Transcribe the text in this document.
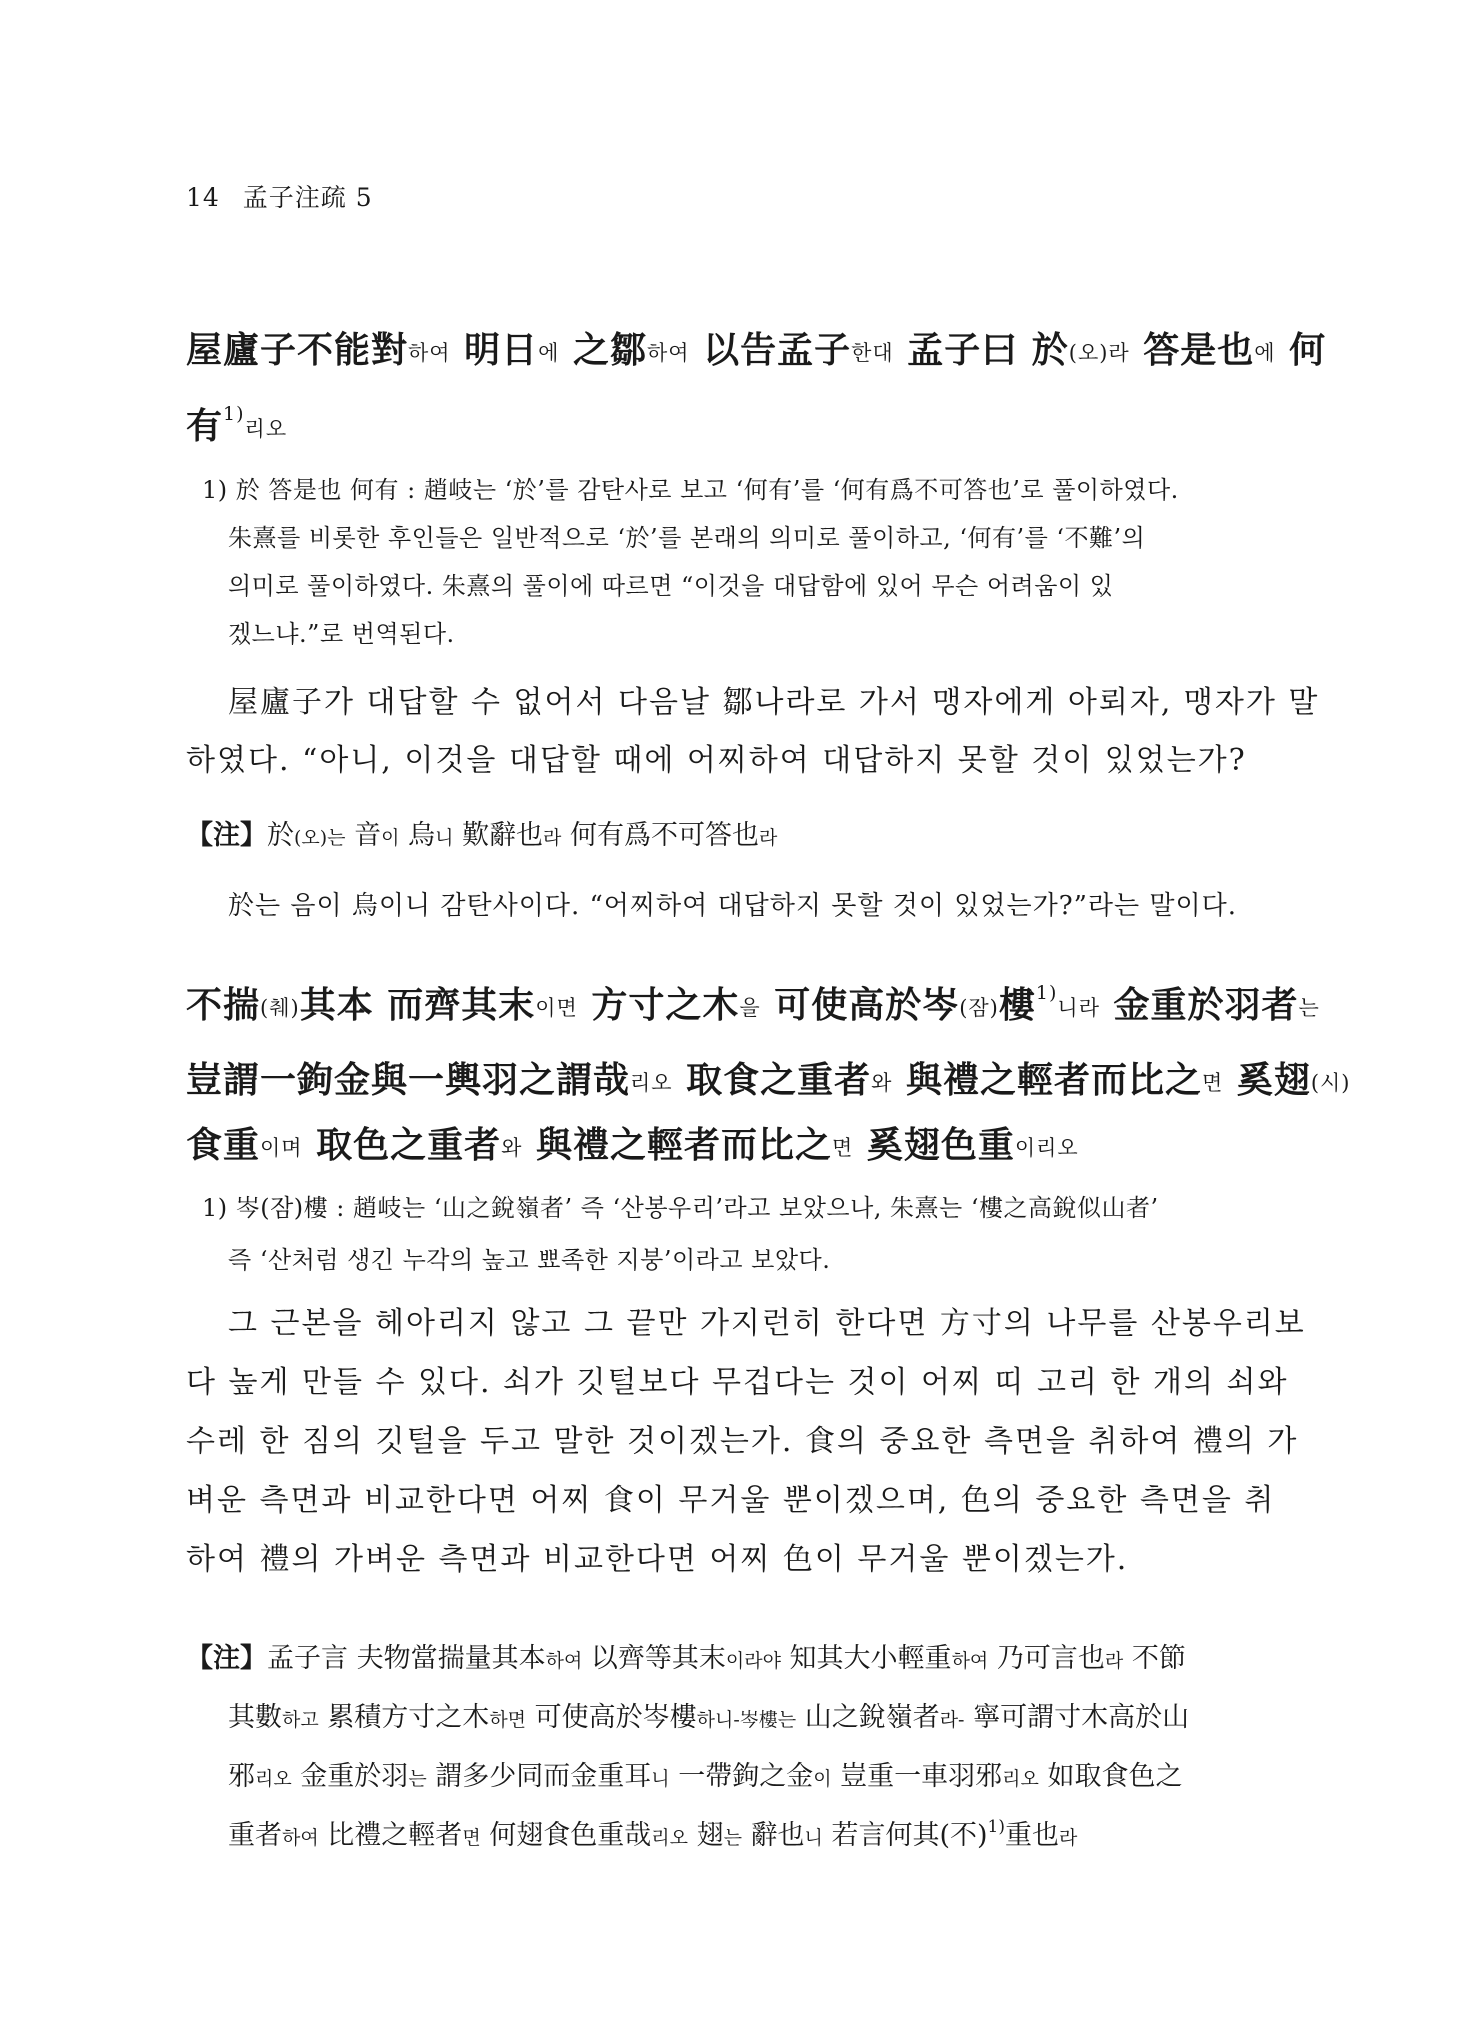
14 孟子注疏 5
屋廬子不能對하여 明日에 之鄒하여 以告孟子한대 孟子曰 於(오)라 答是也에 何
有$^{1)}$리오
1) 於 答是也 何有 : 趙岐는 ‘於’를 감탄사로 보고 ‘何有’를 ‘何有爲不可答也’로 풀이하였다.
朱熹를 비롯한 후인들은 일반적으로 ‘於’를 본래의 의미로 풀이하고, ‘何有’를 ‘不難’의
의미로 풀이하였다. 朱熹의 풀이에 따르면 “이것을 대답함에 있어 무슨 어려움이 있
겠느냐.”로 번역된다.
屋廬子가 대답할 수 없어서 다음날 鄒나라로 가서 맹자에게 아뢰자, 맹자가 말
하였다. “아니, 이것을 대답할 때에 어찌하여 대답하지 못할 것이 있었는가?
【注】於(오)는 音이 烏니 歎辭也라 何有爲不可答也라
於는 음이 烏이니 감탄사이다. “어찌하여 대답하지 못할 것이 있었는가?”라는 말이다.
不揣(췌)其本 而齊其末이면 方寸之木을 可使高於岑(잠)樓$^{1)}$니라 金重於羽者는
豈謂一鉤金與一輿羽之謂哉리오 取食之重者와 與禮之輕者而比之면 奚翅(시)
食重이며 取色之重者와 與禮之輕者而比之면 奚翅色重이리오
1) 岑(잠)樓 : 趙岐는 ‘山之銳嶺者’ 즉 ‘산봉우리’라고 보았으나, 朱熹는 ‘樓之高銳似山者’
즉 ‘산처럼 생긴 누각의 높고 뾰족한 지붕’이라고 보았다.
그 근본을 헤아리지 않고 그 끝만 가지런히 한다면 方寸의 나무를 산봉우리보
다 높게 만들 수 있다. 쇠가 깃털보다 무겁다는 것이 어찌 띠 고리 한 개의 쇠와
수레 한 짐의 깃털을 두고 말한 것이겠는가. 食의 중요한 측면을 취하여 禮의 가
벼운 측면과 비교한다면 어찌 食이 무거울 뿐이겠으며, 色의 중요한 측면을 취
하여 禮의 가벼운 측면과 비교한다면 어찌 色이 무거울 뿐이겠는가.
【注】孟子言 夫物當揣量其本하여 以齊等其末이라야 知其大小輕重하여 乃可言也라 不節
其數하고 累積方寸之木하면 可使高於岑樓하니-岑樓는 山之銳嶺者라- 寧可謂寸木高於山
邪리오 金重於羽는 謂多少同而金重耳니 一帶鉤之金이 豈重一車羽邪리오 如取食色之
重者하여 比禮之輕者면 何翅食色重哉리오 翅는 辭也니 若言何其(不)$^{1)}$重也라
